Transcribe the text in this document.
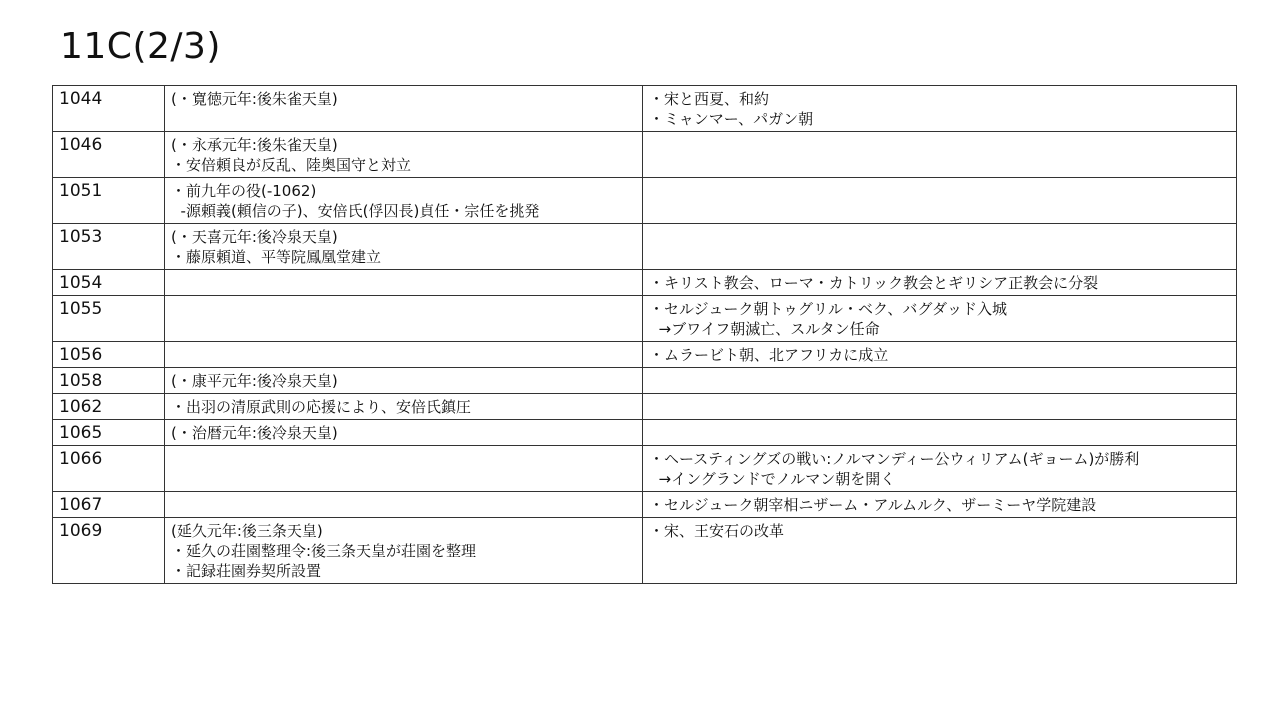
11C(2/3)
1044	(・寛徳元年:後朱雀天皇)	・宋と西夏、和約
・ミャンマー、パガン朝
1046	(・永承元年:後朱雀天皇)
・安倍頼良が反乱、陸奥国守と対立	
1051	・前九年の役(-1062)
-源頼義(頼信の子)、安倍氏(俘囚長)貞任・宗任を挑発	
1053	(・天喜元年:後冷泉天皇)
・藤原頼道、平等院鳳凰堂建立	
1054		・キリスト教会、ローマ・カトリック教会とギリシア正教会に分裂
1055		・セルジューク朝トゥグリル・ベク、バグダッド入城
→ブワイフ朝滅亡、スルタン任命
1056		・ムラービト朝、北アフリカに成立
1058	(・康平元年:後冷泉天皇)	
1062	・出羽の清原武則の応援により、安倍氏鎮圧	
1065	(・治暦元年:後冷泉天皇)	
1066		・ヘースティングズの戦い:ノルマンディー公ウィリアム(ギョーム)が勝利
→イングランドでノルマン朝を開く
1067		・セルジューク朝宰相ニザーム・アルムルク、ザーミーヤ学院建設
1069	(延久元年:後三条天皇)
・延久の荘園整理令:後三条天皇が荘園を整理
・記録荘園券契所設置	・宋、王安石の改革
